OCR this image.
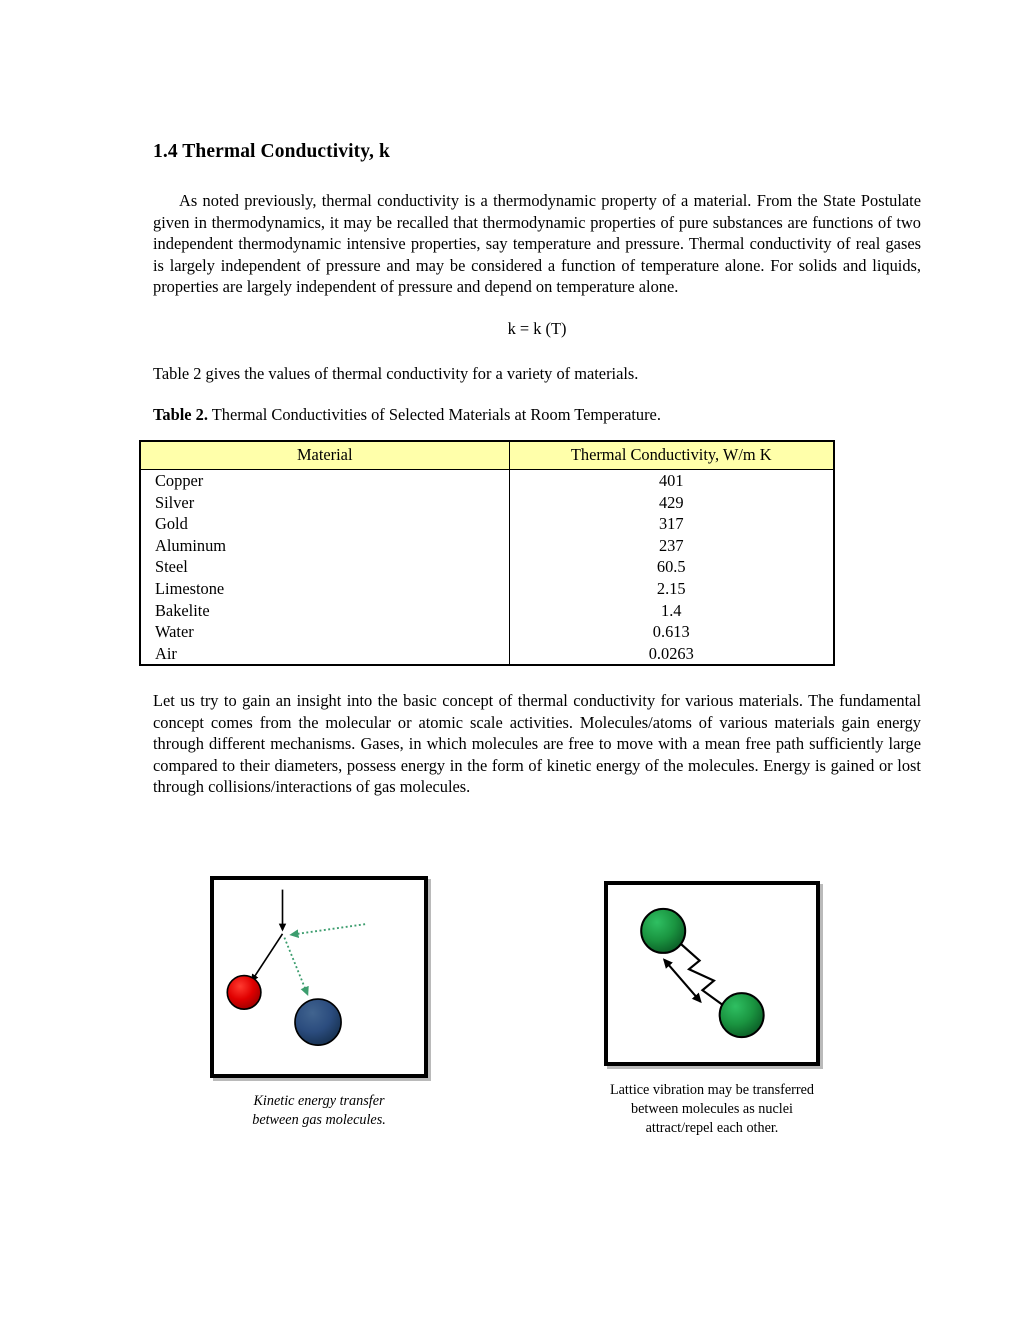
1.4 Thermal Conductivity, k
As noted previously, thermal conductivity is a thermodynamic property of a material. From the State Postulate given in thermodynamics, it may be recalled that thermodynamic properties of pure substances are functions of two independent thermodynamic intensive properties, say temperature and pressure. Thermal conductivity of real gases is largely independent of pressure and may be considered a function of temperature alone. For solids and liquids, properties are largely independent of pressure and depend on temperature alone.
k = k (T)
Table 2 gives the values of thermal conductivity for a variety of materials.
Table 2. Thermal Conductivities of Selected Materials at Room Temperature.
Material	Thermal Conductivity, W/m K
Copper	401
Silver	429
Gold	317
Aluminum	237
Steel	60.5
Limestone	2.15
Bakelite	1.4
Water	0.613
Air	0.0263
Let us try to gain an insight into the basic concept of thermal conductivity for various materials. The fundamental concept comes from the molecular or atomic scale activities. Molecules/atoms of various materials gain energy through different mechanisms. Gases, in which molecules are free to move with a mean free path sufficiently large compared to their diameters, possess energy in the form of kinetic energy of the molecules. Energy is gained or lost through collisions/interactions of gas molecules.
Kinetic energy transfer
between gas molecules.
Lattice vibration may be transferred
between molecules as nuclei
attract/repel each other.
